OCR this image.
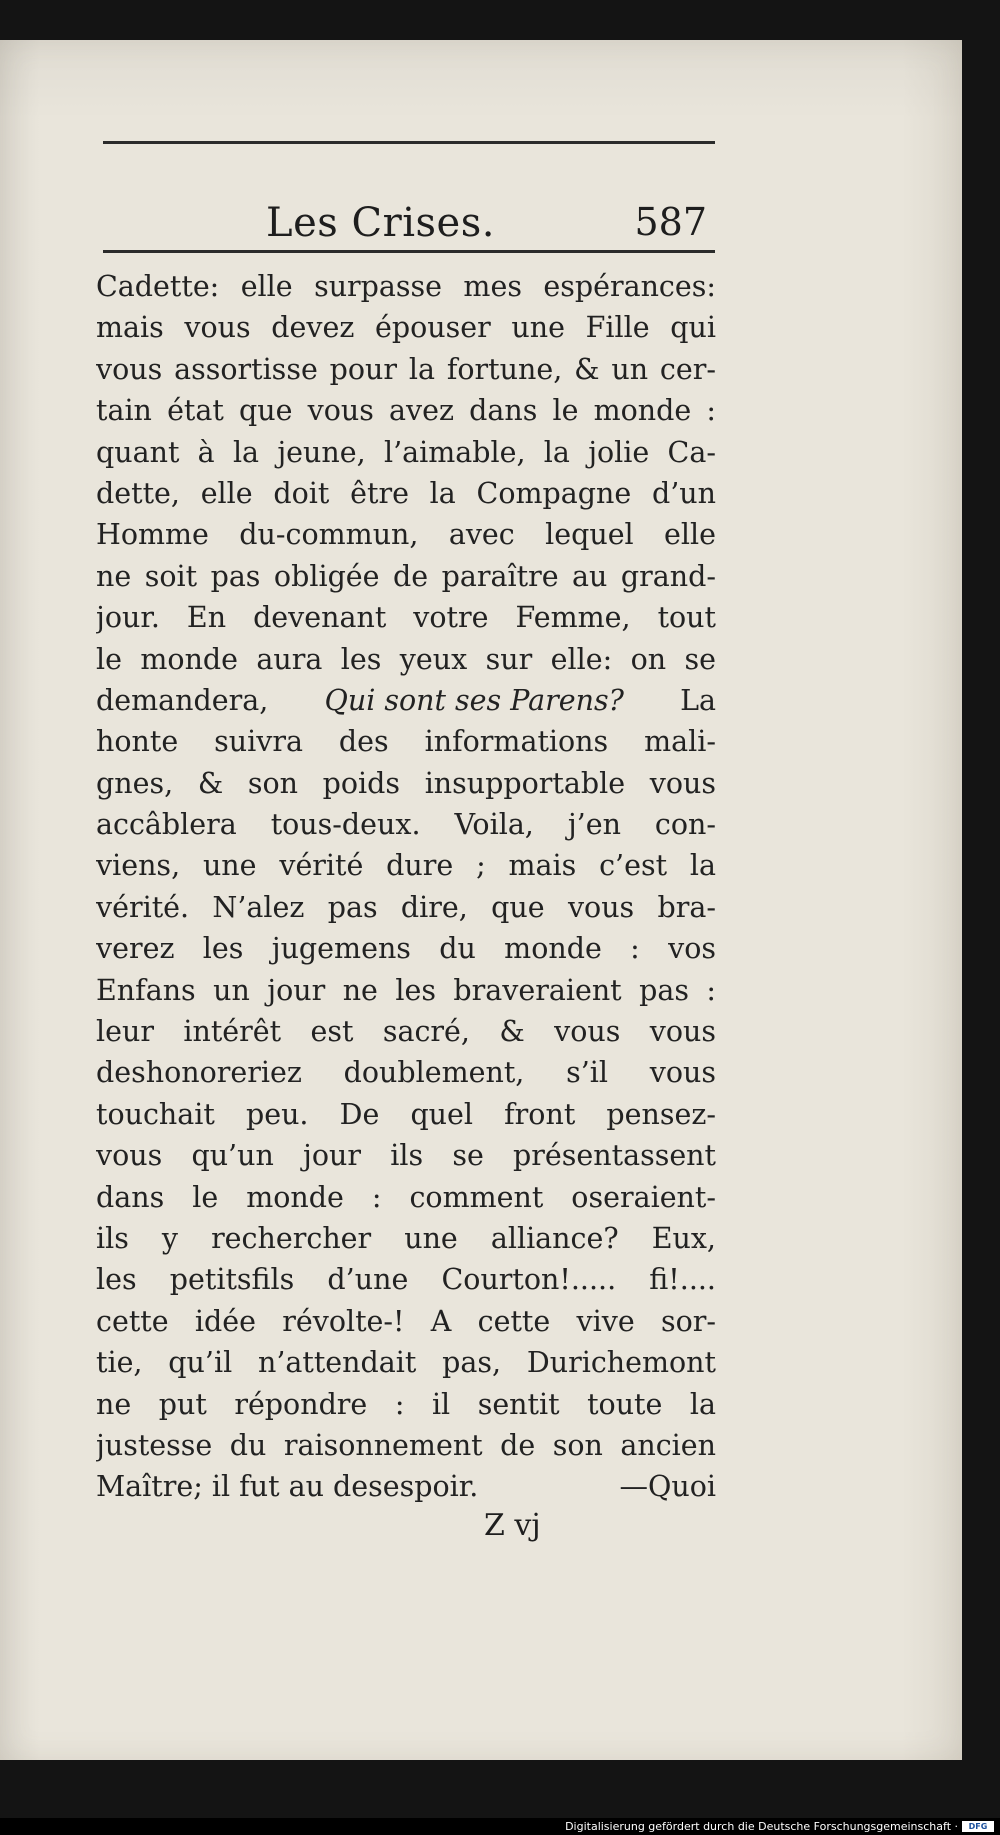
Les Crises.	587
Cadette: elle surpasse mes espérances:
mais vous devez épouser une Fille qui
vous assortisse pour la fortune, & un cer-
tain état que vous avez dans le monde :
quant à la jeune, l’aimable, la jolie Ca-
dette, elle doit être la Compagne d’un
Homme du-commun, avec lequel elle
ne soit pas obligée de paraître au grand-
jour. En devenant votre Femme, tout
le monde aura les yeux sur elle: on se
demandera, Qui sont ses Parens? La
honte suivra des informations mali-
gnes, & son poids insupportable vous
accâblera tous-deux. Voila, j’en con-
viens, une vérité dure ; mais c’est la
vérité. N’alez pas dire, que vous bra-
verez les jugemens du monde : vos
Enfans un jour ne les braveraient pas :
leur intérêt est sacré, & vous vous
deshonoreriez doublement, s’il vous
touchait peu. De quel front pensez-
vous qu’un jour ils se présentassent
dans le monde : comment oseraient-
ils y rechercher une alliance? Eux,
les petitsfils d’une Courton!..... fi!....
cette idée révolte-! A cette vive sor-
tie, qu’il n’attendait pas, Durichemont
ne put répondre : il sentit toute la
justesse du raisonnement de son ancien
Maître; il fut au desespoir.	—Quoi
Z vj
Digitalisierung gefördert durch die Deutsche Forschungsgemeinschaft ·	DFG
